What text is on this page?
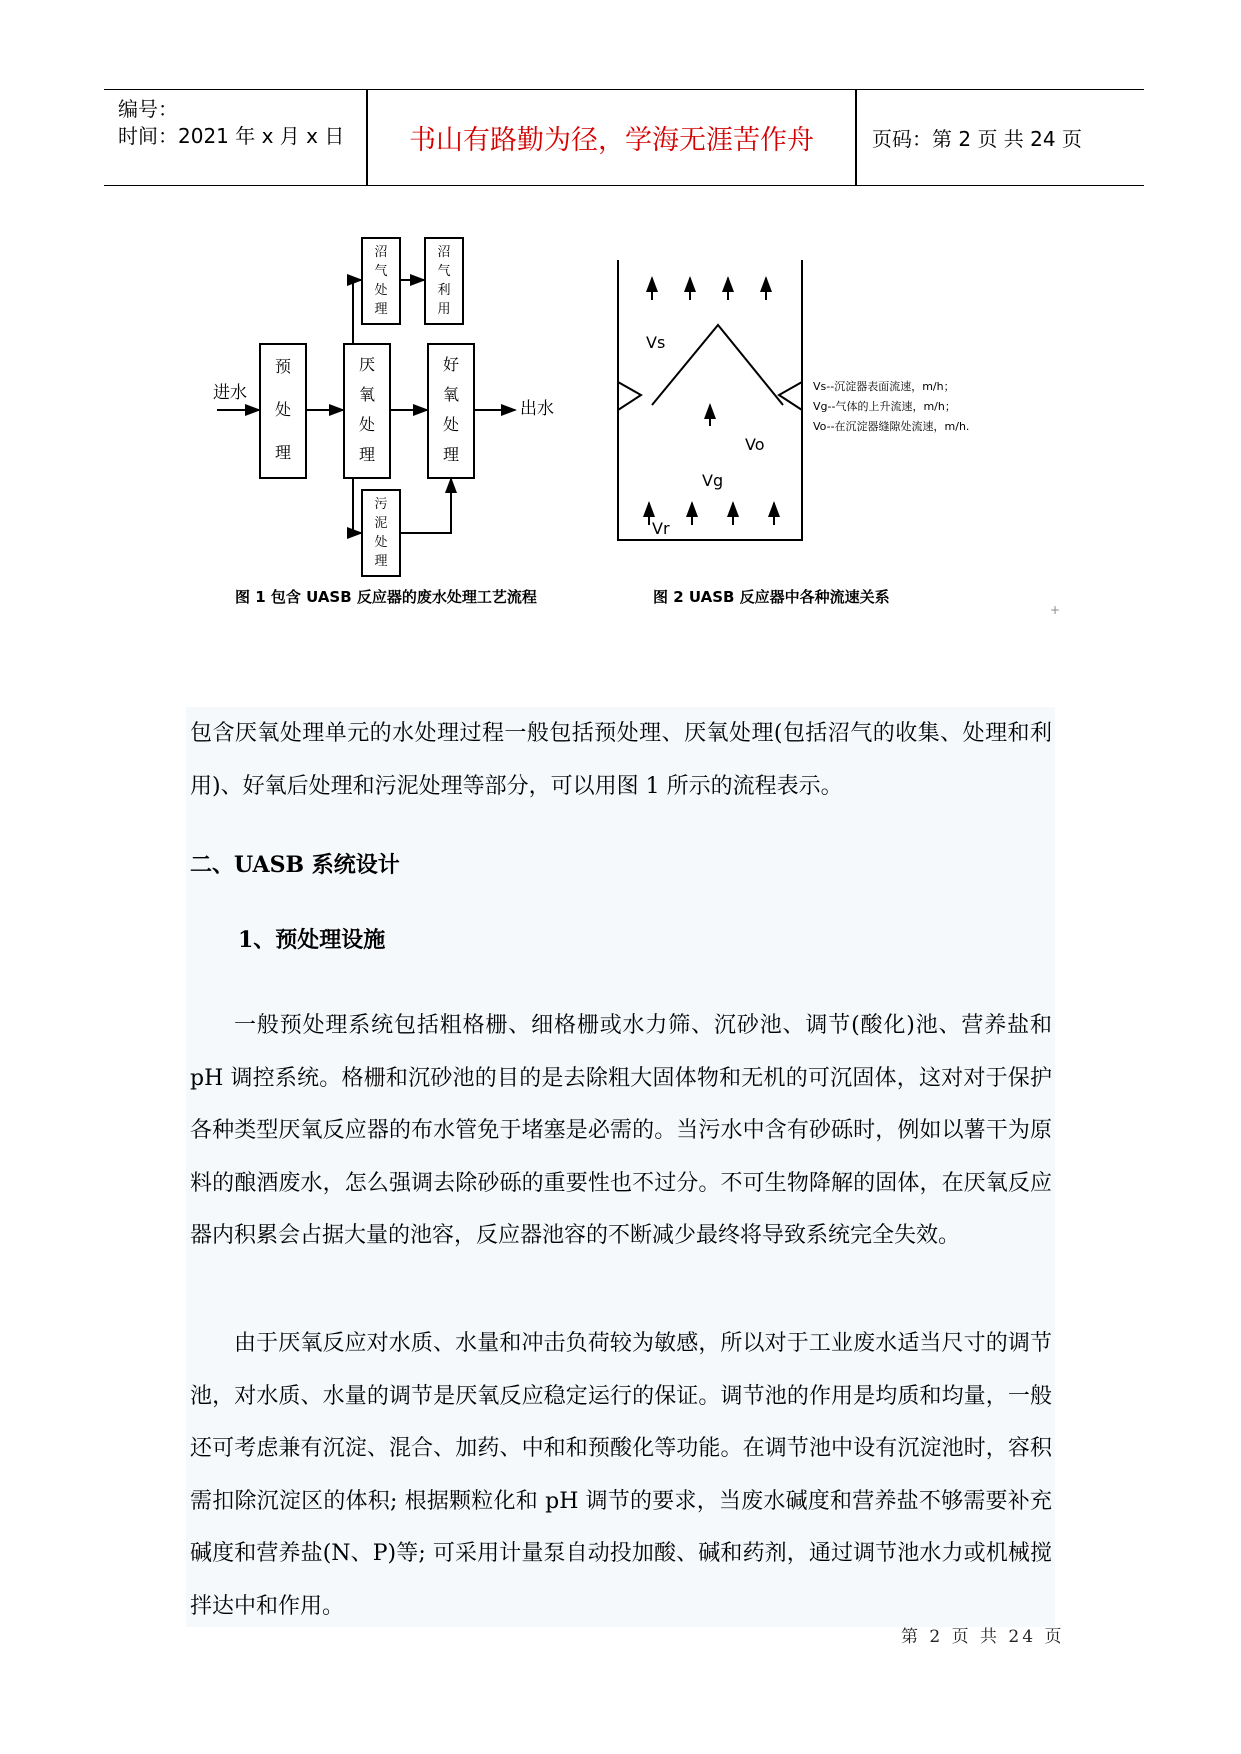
编号：
时间：2021 年 x 月 x 日	书山有路勤为径，学海无涯苦作舟	页码：第 2 页 共 24 页
进水
出水
预
处
理
厌
氧
处
理
好
氧
处
理
沼
气
处
理
沼
气
利
用
污
泥
处
理
图 1 包含 UASB 反应器的废水处理工艺流程
Vs
Vo
Vg
Vr
Vs--沉淀器表面流速，m/h；
Vg--气体的上升流速，m/h；
Vo--在沉淀器缝隙处流速，m/h.
图 2 UASB 反应器中各种流速关系
+

包含厌氧处理单元的水处理过程一般包括预处理、厌氧处理(包括沼气的收集、处理和利用)、好氧后处理和污泥处理等部分，可以用图 1 所示的流程表示。

二、UASB 系统设计
1、预处理设施

一般预处理系统包括粗格栅、细格栅或水力筛、沉砂池、调节(酸化)池、营养盐和 pH 调控系统。格栅和沉砂池的目的是去除粗大固体物和无机的可沉固体，这对对于保护各种类型厌氧反应器的布水管免于堵塞是必需的。当污水中含有砂砾时，例如以薯干为原料的酿酒废水，怎么强调去除砂砾的重要性也不过分。不可生物降解的固体，在厌氧反应器内积累会占据大量的池容，反应器池容的不断减少最终将导致系统完全失效。

由于厌氧反应对水质、水量和冲击负荷较为敏感，所以对于工业废水适当尺寸的调节池，对水质、水量的调节是厌氧反应稳定运行的保证。调节池的作用是均质和均量，一般还可考虑兼有沉淀、混合、加药、中和和预酸化等功能。在调节池中设有沉淀池时，容积需扣除沉淀区的体积; 根据颗粒化和 pH 调节的要求，当废水碱度和营养盐不够需要补充碱度和营养盐(N、P)等; 可采用计量泵自动投加酸、碱和药剂，通过调节池水力或机械搅拌达中和作用。

第 2 页 共 24 页
